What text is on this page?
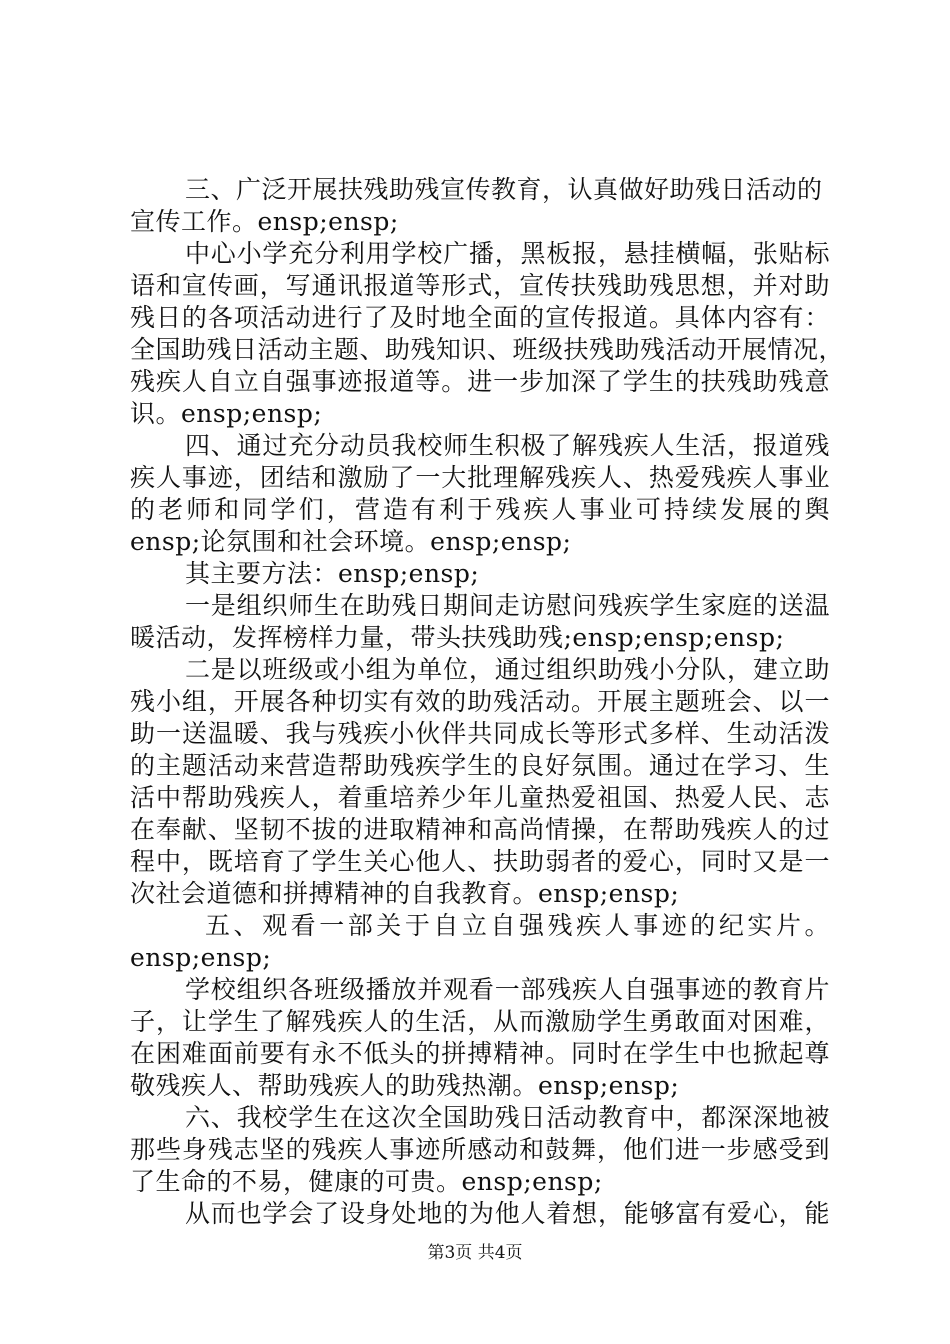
三、广泛开展扶残助残宣传教育，认真做好助残日活动的
宣传工作。ensp;ensp;
中心小学充分利用学校广播，黑板报，悬挂横幅，张贴标
语和宣传画，写通讯报道等形式，宣传扶残助残思想，并对助
残日的各项活动进行了及时地全面的宣传报道。具体内容有：
全国助残日活动主题、助残知识、班级扶残助残活动开展情况，
残疾人自立自强事迹报道等。进一步加深了学生的扶残助残意
识。ensp;ensp;
四、通过充分动员我校师生积极了解残疾人生活，报道残
疾人事迹，团结和激励了一大批理解残疾人、热爱残疾人事业
的老师和同学们，营造有利于残疾人事业可持续发展的舆
ensp;论氛围和社会环境。ensp;ensp;
其主要方法：ensp;ensp;
一是组织师生在助残日期间走访慰问残疾学生家庭的送温
暖活动，发挥榜样力量，带头扶残助残;ensp;ensp;ensp;
二是以班级或小组为单位，通过组织助残小分队，建立助
残小组，开展各种切实有效的助残活动。开展主题班会、以一
助一送温暖、我与残疾小伙伴共同成长等形式多样、生动活泼
的主题活动来营造帮助残疾学生的良好氛围。通过在学习、生
活中帮助残疾人，着重培养少年儿童热爱祖国、热爱人民、志
在奉献、坚韧不拔的进取精神和高尚情操，在帮助残疾人的过
程中，既培育了学生关心他人、扶助弱者的爱心，同时又是一
次社会道德和拼搏精神的自我教育。ensp;ensp;
五、观看一部关于自立自强残疾人事迹的纪实片。
ensp;ensp;
学校组织各班级播放并观看一部残疾人自强事迹的教育片
子，让学生了解残疾人的生活，从而激励学生勇敢面对困难，
在困难面前要有永不低头的拼搏精神。同时在学生中也掀起尊
敬残疾人、帮助残疾人的助残热潮。ensp;ensp;
六、我校学生在这次全国助残日活动教育中，都深深地被
那些身残志坚的残疾人事迹所感动和鼓舞，他们进一步感受到
了生命的不易，健康的可贵。ensp;ensp;
从而也学会了设身处地的为他人着想，能够富有爱心，能
第3页 共4页
